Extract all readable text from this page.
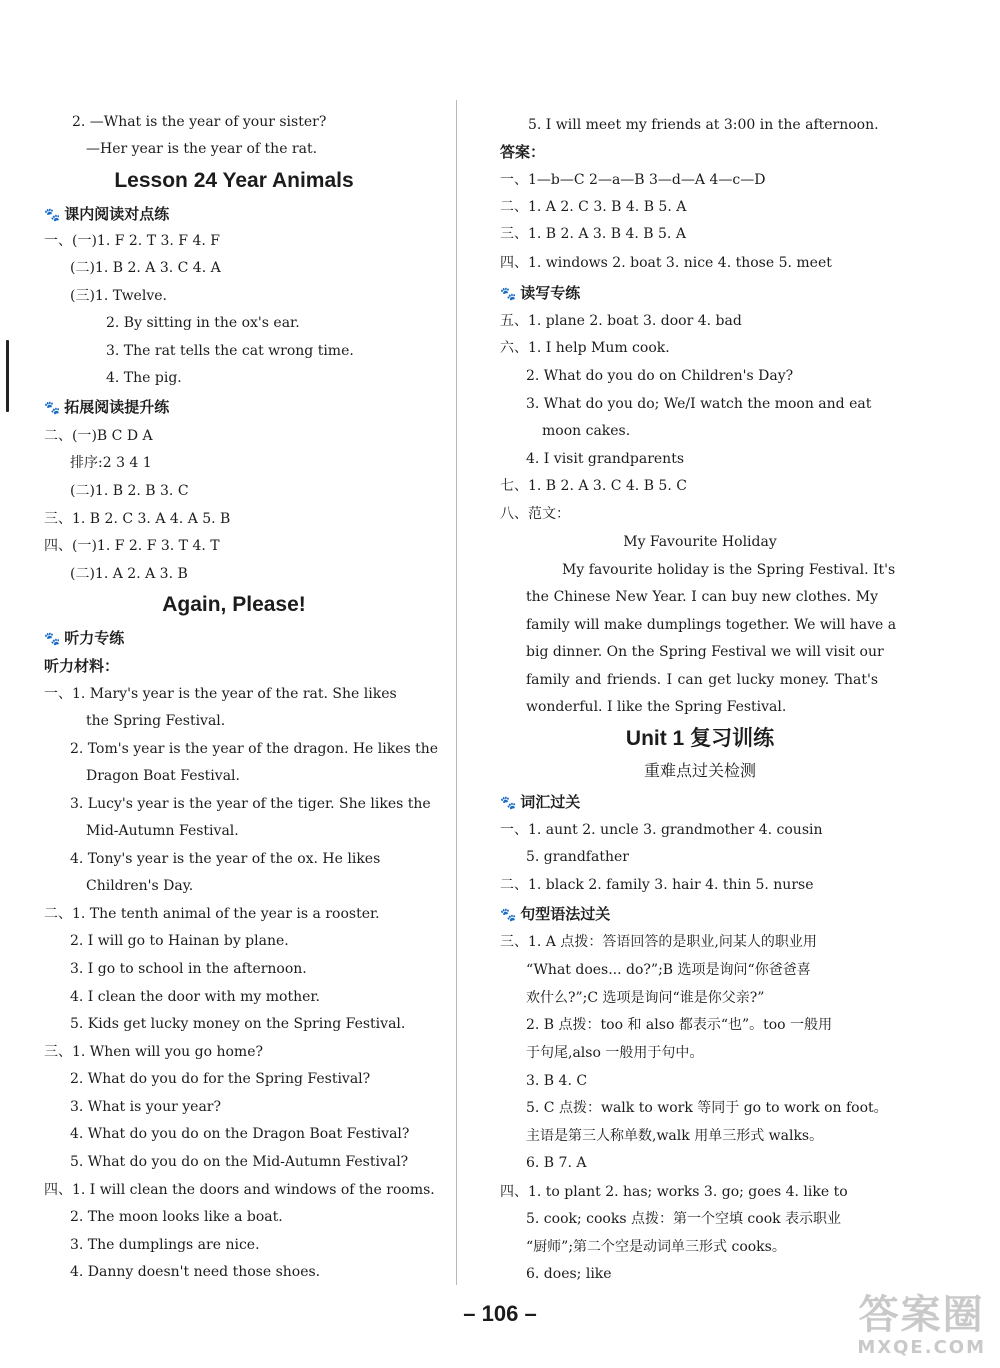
2. —What is the year of your sister?
—Her year is the year of the rat.
Lesson 24 Year Animals
🐾 课内阅读对点练
一、(一)1. F 2. T 3. F 4. F
(二)1. B 2. A 3. C 4. A
(三)1. Twelve.
2. By sitting in the ox's ear.
3. The rat tells the cat wrong time.
4. The pig.
🐾 拓展阅读提升练
二、(一)B C D A
排序:2 3 4 1
(二)1. B 2. B 3. C
三、1. B 2. C 3. A 4. A 5. B
四、(一)1. F 2. F 3. T 4. T
(二)1. A 2. A 3. B
Again, Please!
🐾 听力专练
听力材料：
一、1. Mary's year is the year of the rat. She likes
the Spring Festival.
2. Tom's year is the year of the dragon. He likes the
Dragon Boat Festival.
3. Lucy's year is the year of the tiger. She likes the
Mid-Autumn Festival.
4. Tony's year is the year of the ox. He likes
Children's Day.
二、1. The tenth animal of the year is a rooster.
2. I will go to Hainan by plane.
3. I go to school in the afternoon.
4. I clean the door with my mother.
5. Kids get lucky money on the Spring Festival.
三、1. When will you go home?
2. What do you do for the Spring Festival?
3. What is your year?
4. What do you do on the Dragon Boat Festival?
5. What do you do on the Mid-Autumn Festival?
四、1. I will clean the doors and windows of the rooms.
2. The moon looks like a boat.
3. The dumplings are nice.
4. Danny doesn't need those shoes.
5. I will meet my friends at 3:00 in the afternoon.
答案：
一、1—b—C 2—a—B 3—d—A 4—c—D
二、1. A 2. C 3. B 4. B 5. A
三、1. B 2. A 3. B 4. B 5. A
四、1. windows 2. boat 3. nice 4. those 5. meet
🐾 读写专练
五、1. plane 2. boat 3. door 4. bad
六、1. I help Mum cook.
2. What do you do on Children's Day?
3. What do you do; We/I watch the moon and eat
moon cakes.
4. I visit grandparents
七、1. B 2. A 3. C 4. B 5. C
八、范文：
My Favourite Holiday
My favourite holiday is the Spring Festival. It's
the Chinese New Year. I can buy new clothes. My
family will make dumplings together. We will have a
big dinner. On the Spring Festival we will visit our
family and friends. I can get lucky money. That's
wonderful. I like the Spring Festival.
Unit 1 复习训练
重难点过关检测
🐾 词汇过关
一、1. aunt 2. uncle 3. grandmother 4. cousin
5. grandfather
二、1. black 2. family 3. hair 4. thin 5. nurse
🐾 句型语法过关
三、1. A 点拨：答语回答的是职业,问某人的职业用
“What does... do?”;B 选项是询问“你爸爸喜
欢什么?”;C 选项是询问“谁是你父亲?”
2. B 点拨：too 和 also 都表示“也”。too 一般用
于句尾,also 一般用于句中。
3. B 4. C
5. C 点拨：walk to work 等同于 go to work on foot。
主语是第三人称单数,walk 用单三形式 walks。
6. B 7. A
四、1. to plant 2. has; works 3. go; goes 4. like to
5. cook; cooks 点拨：第一个空填 cook 表示职业
“厨师”;第二个空是动词单三形式 cooks。
6. does; like
– 106 –	答案圈
MXQE.COM
